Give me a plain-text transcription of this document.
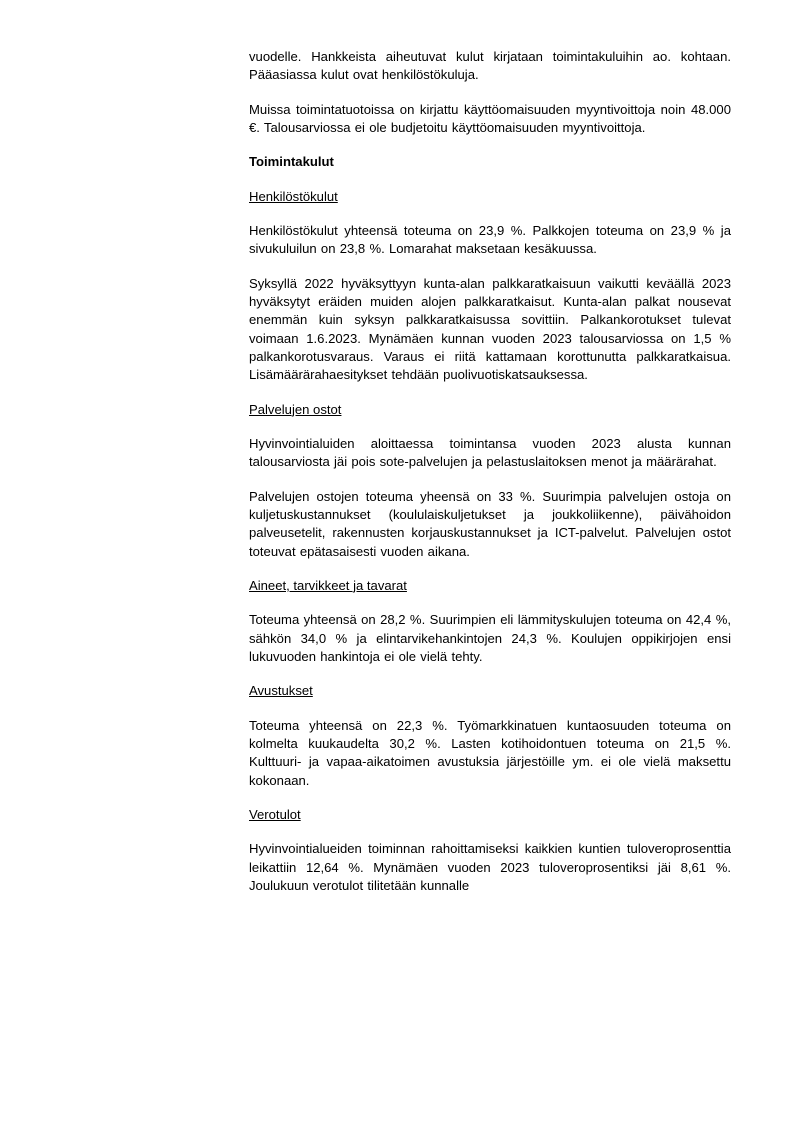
vuodelle. Hankkeista aiheutuvat kulut kirjataan toimintakuluihin ao. kohtaan. Pääasiassa kulut ovat henkilöstökuluja.

Muissa toimintatuotoissa on kirjattu käyttöomaisuuden myyntivoittoja noin 48.000 €. Talousarviossa ei ole budjetoitu käyttöomaisuuden myyntivoittoja.

Toimintakulut
Henkilöstökulut

Henkilöstökulut yhteensä toteuma on 23,9 %. Palkkojen toteuma on 23,9 % ja sivukuluilun on 23,8 %. Lomarahat maksetaan kesäkuussa.

Syksyllä 2022 hyväksyttyyn kunta-alan palkkaratkaisuun vaikutti keväällä 2023 hyväksytyt eräiden muiden alojen palkkaratkaisut. Kunta-alan palkat nousevat enemmän kuin syksyn palkkaratkaisussa sovittiin. Palkankorotukset tulevat voimaan 1.6.2023. Mynämäen kunnan vuoden 2023 talousarviossa on 1,5 % palkankorotusvaraus. Varaus ei riitä kattamaan korottunutta palkkaratkaisua. Lisämäärärahaesitykset tehdään puolivuotiskatsauksessa.

Palvelujen ostot

Hyvinvointialuiden aloittaessa toimintansa vuoden 2023 alusta kunnan talousarviosta jäi pois sote-palvelujen ja pelastuslaitoksen menot ja määrärahat.

Palvelujen ostojen toteuma yheensä on 33 %. Suurimpia palvelujen ostoja on kuljetuskustannukset (koululaiskuljetukset ja joukkoliikenne), päivähoidon palveusetelit, rakennusten korjauskustannukset ja ICT-palvelut. Palvelujen ostot toteuvat epätasaisesti vuoden aikana.

Aineet, tarvikkeet ja tavarat

Toteuma yhteensä on 28,2 %. Suurimpien eli lämmityskulujen toteuma on 42,4 %, sähkön 34,0 % ja elintarvikehankintojen 24,3 %. Koulujen oppikirjojen ensi lukuvuoden hankintoja ei ole vielä tehty.

Avustukset

Toteuma yhteensä on 22,3 %. Työmarkkinatuen kuntaosuuden toteuma on kolmelta kuukaudelta 30,2 %. Lasten kotihoidontuen toteuma on 21,5 %. Kulttuuri- ja vapaa-aikatoimen avustuksia järjestöille ym. ei ole vielä maksettu kokonaan.

Verotulot

Hyvinvointialueiden toiminnan rahoittamiseksi kaikkien kuntien tuloveroprosenttia leikattiin 12,64 %. Mynämäen vuoden 2023 tuloveroprosentiksi jäi 8,61 %. Joulukuun verotulot tilitetään kunnalle
